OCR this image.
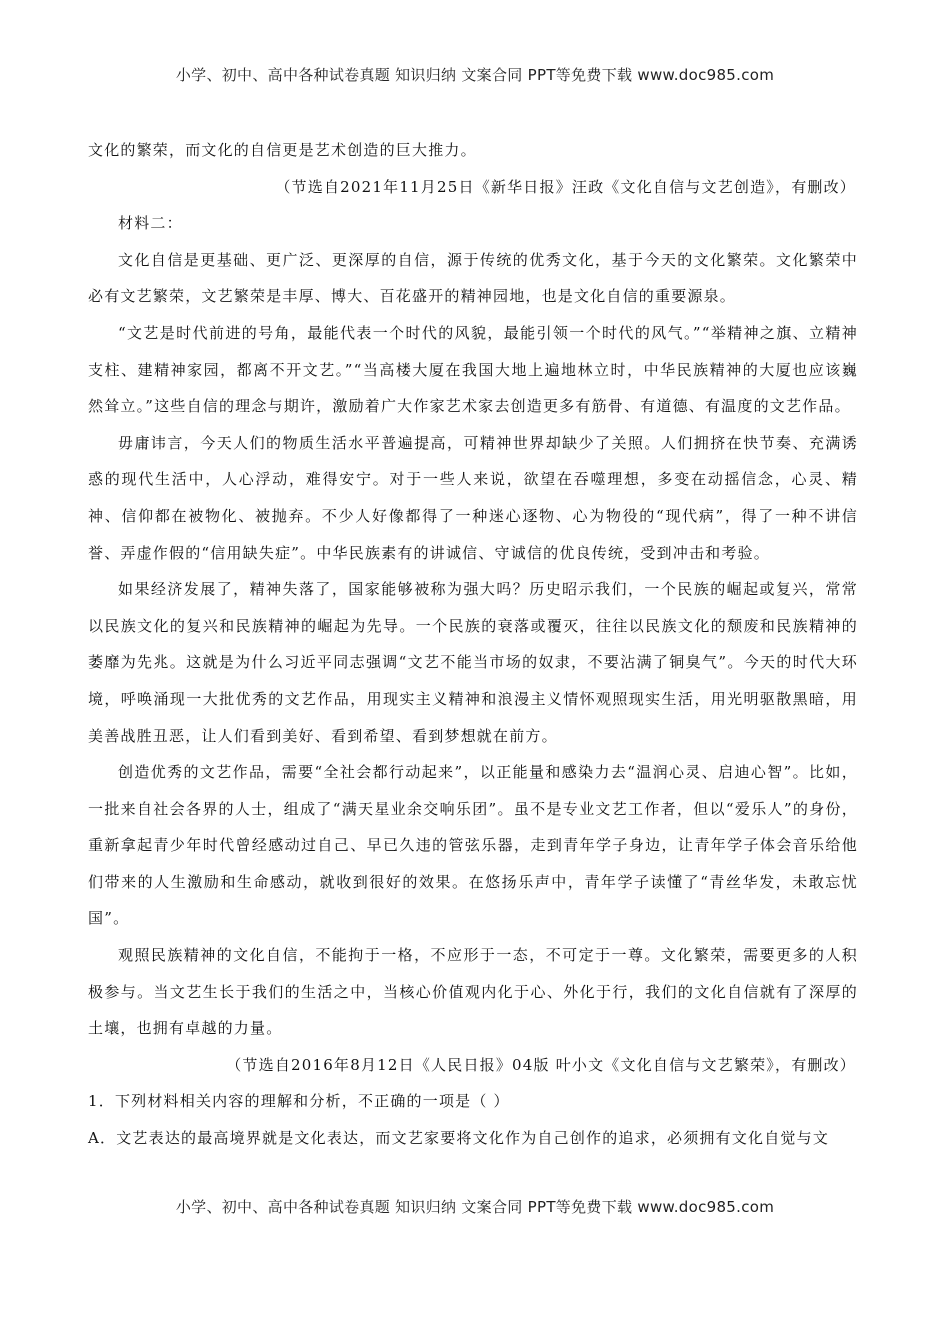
小学、初中、高中各种试卷真题 知识归纳 文案合同 PPT等免费下载 www.doc985.com

文化的繁荣，而文化的自信更是艺术创造的巨大推力。

（节选自2021年11月25日《新华日报》汪政《文化自信与文艺创造》，有删改）

材料二：

文化自信是更基础、更广泛、更深厚的自信，源于传统的优秀文化，基于今天的文化繁荣。文化繁荣中必有文艺繁荣，文艺繁荣是丰厚、博大、百花盛开的精神园地，也是文化自信的重要源泉。

“文艺是时代前进的号角，最能代表一个时代的风貌，最能引领一个时代的风气。”“举精神之旗、立精神支柱、建精神家园，都离不开文艺。”“当高楼大厦在我国大地上遍地林立时，中华民族精神的大厦也应该巍然耸立。”这些自信的理念与期许，激励着广大作家艺术家去创造更多有筋骨、有道德、有温度的文艺作品。

毋庸讳言，今天人们的物质生活水平普遍提高，可精神世界却缺少了关照。人们拥挤在快节奏、充满诱惑的现代生活中，人心浮动，难得安宁。对于一些人来说，欲望在吞噬理想，多变在动摇信念，心灵、精神、信仰都在被物化、被抛弃。不少人好像都得了一种迷心逐物、心为物役的“现代病”，得了一种不讲信誉、弄虚作假的“信用缺失症”。中华民族素有的讲诚信、守诚信的优良传统，受到冲击和考验。

如果经济发展了，精神失落了，国家能够被称为强大吗？历史昭示我们，一个民族的崛起或复兴，常常以民族文化的复兴和民族精神的崛起为先导。一个民族的衰落或覆灭，往往以民族文化的颓废和民族精神的萎靡为先兆。这就是为什么习近平同志强调“文艺不能当市场的奴隶，不要沾满了铜臭气”。今天的时代大环境，呼唤涌现一大批优秀的文艺作品，用现实主义精神和浪漫主义情怀观照现实生活，用光明驱散黑暗，用美善战胜丑恶，让人们看到美好、看到希望、看到梦想就在前方。

创造优秀的文艺作品，需要“全社会都行动起来”，以正能量和感染力去“温润心灵、启迪心智”。比如，一批来自社会各界的人士，组成了“满天星业余交响乐团”。虽不是专业文艺工作者，但以“爱乐人”的身份，重新拿起青少年时代曾经感动过自己、早已久违的管弦乐器，走到青年学子身边，让青年学子体会音乐给他们带来的人生激励和生命感动，就收到很好的效果。在悠扬乐声中，青年学子读懂了“青丝华发，未敢忘忧国”。

观照民族精神的文化自信，不能拘于一格，不应形于一态，不可定于一尊。文化繁荣，需要更多的人积极参与。当文艺生长于我们的生活之中，当核心价值观内化于心、外化于行，我们的文化自信就有了深厚的土壤，也拥有卓越的力量。

（节选自2016年8月12日《人民日报》04版 叶小文《文化自信与文艺繁荣》，有删改）

1．下列材料相关内容的理解和分析，不正确的一项是（ ）

A．文艺表达的最高境界就是文化表达，而文艺家要将文化作为自己创作的追求，必须拥有文化自觉与文

小学、初中、高中各种试卷真题 知识归纳 文案合同 PPT等免费下载 www.doc985.com
